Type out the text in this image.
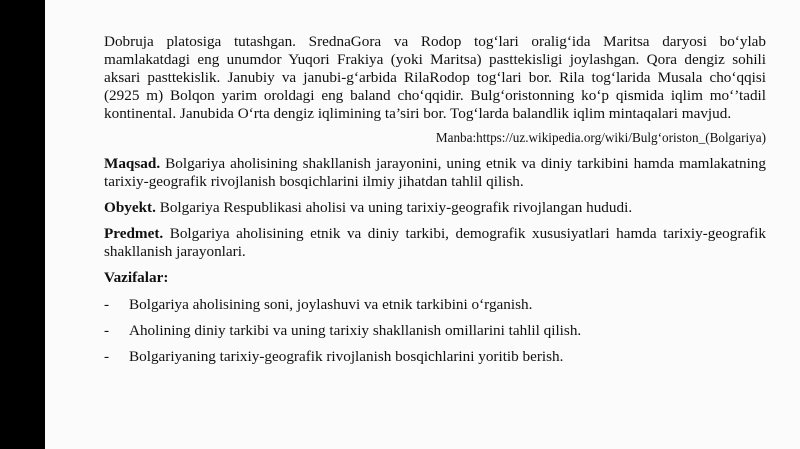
Dobruja platosiga tutashgan. SrednaGora va Rodop tog‘lari oralig‘ida Maritsa daryosi bo‘ylab mamlakatdagi eng unumdor Yuqori Frakiya (yoki Maritsa) pasttekisligi joylashgan. Qora dengiz sohili aksari pasttekislik. Janubiy va janubi-g‘arbida RilaRodop tog‘lari bor. Rila tog‘larida Musala cho‘qqisi (2925 m) Bolqon yarim oroldagi eng baland cho‘qqidir. Bulg‘oristonning ko‘p qismida iqlim mo‘’tadil kontinental. Janubida O‘rta dengiz iqlimining ta’siri bor. Tog‘larda balandlik iqlim mintaqalari mavjud.

Manba:https://uz.wikipedia.org/wiki/Bulg‘oriston_(Bolgariya)

Maqsad. Bolgariya aholisining shakllanish jarayonini, uning etnik va diniy tarkibini hamda mamlakatning tarixiy-geografik rivojlanish bosqichlarini ilmiy jihatdan tahlil qilish.

Obyekt. Bolgariya Respublikasi aholisi va uning tarixiy-geografik rivojlangan hududi.

Predmet. Bolgariya aholisining etnik va diniy tarkibi, demografik xususiyatlari hamda tarixiy-geografik shakllanish jarayonlari.

Vazifalar:
-	Bolgariya aholisining soni, joylashuvi va etnik tarkibini o‘rganish.
-	Aholining diniy tarkibi va uning tarixiy shakllanish omillarini tahlil qilish.
-	Bolgariyaning tarixiy-geografik rivojlanish bosqichlarini yoritib berish.
